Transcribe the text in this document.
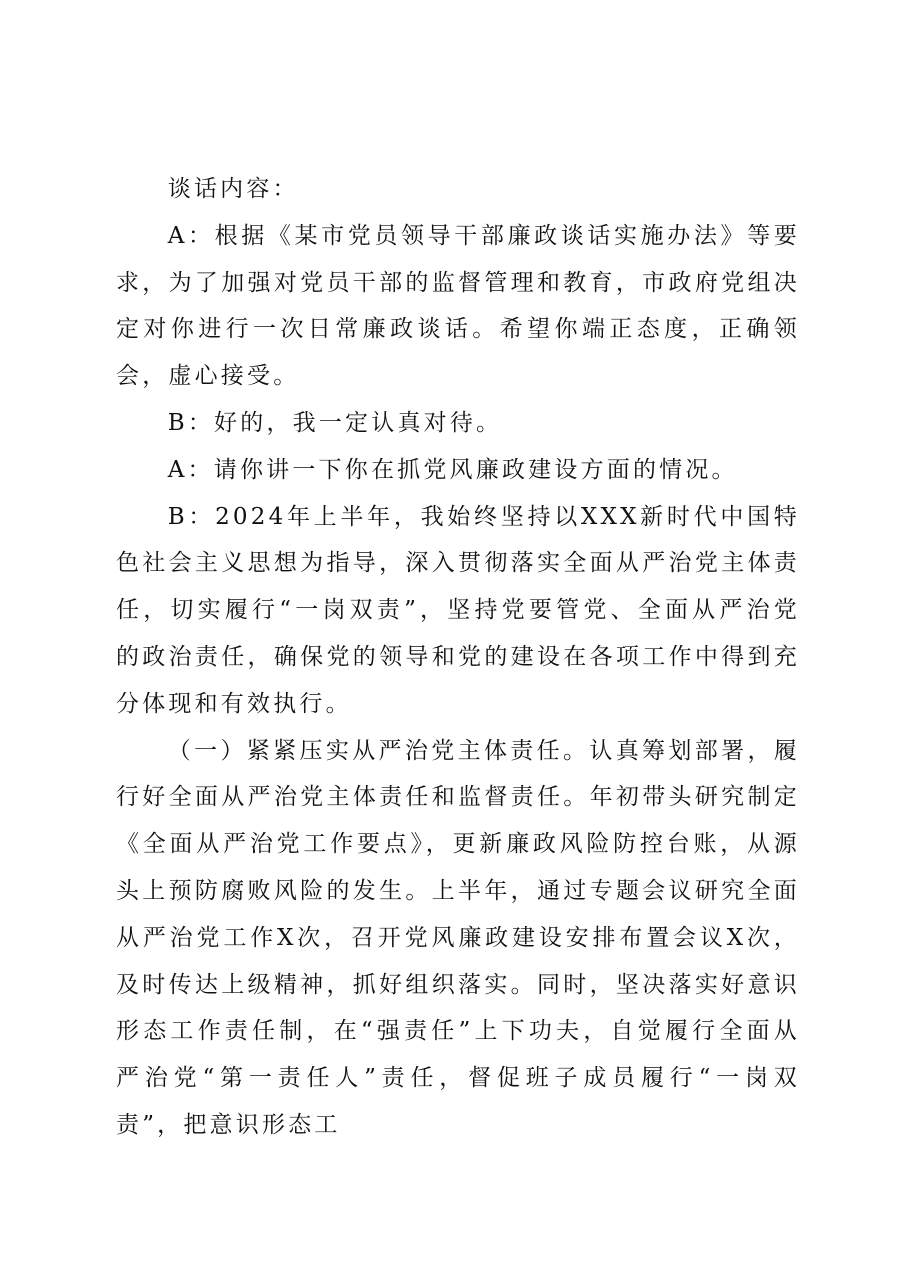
谈话内容：

A：根据《某市党员领导干部廉政谈话实施办法》等要求，为了加强对党员干部的监督管理和教育，市政府党组决定对你进行一次日常廉政谈话。希望你端正态度，正确领会，虚心接受。

B：好的，我一定认真对待。

A：请你讲一下你在抓党风廉政建设方面的情况。

B：2024年上半年，我始终坚持以XXX新时代中国特色社会主义思想为指导，深入贯彻落实全面从严治党主体责任，切实履行“一岗双责”，坚持党要管党、全面从严治党的政治责任，确保党的领导和党的建设在各项工作中得到充分体现和有效执行。

（一）紧紧压实从严治党主体责任。认真筹划部署，履行好全面从严治党主体责任和监督责任。年初带头研究制定《全面从严治党工作要点》，更新廉政风险防控台账，从源头上预防腐败风险的发生。上半年，通过专题会议研究全面从严治党工作X次，召开党风廉政建设安排布置会议X次，及时传达上级精神，抓好组织落实。同时，坚决落实好意识形态工作责任制，在“强责任”上下功夫，自觉履行全面从严治党“第一责任人”责任，督促班子成员履行“一岗双责”，把意识形态工
